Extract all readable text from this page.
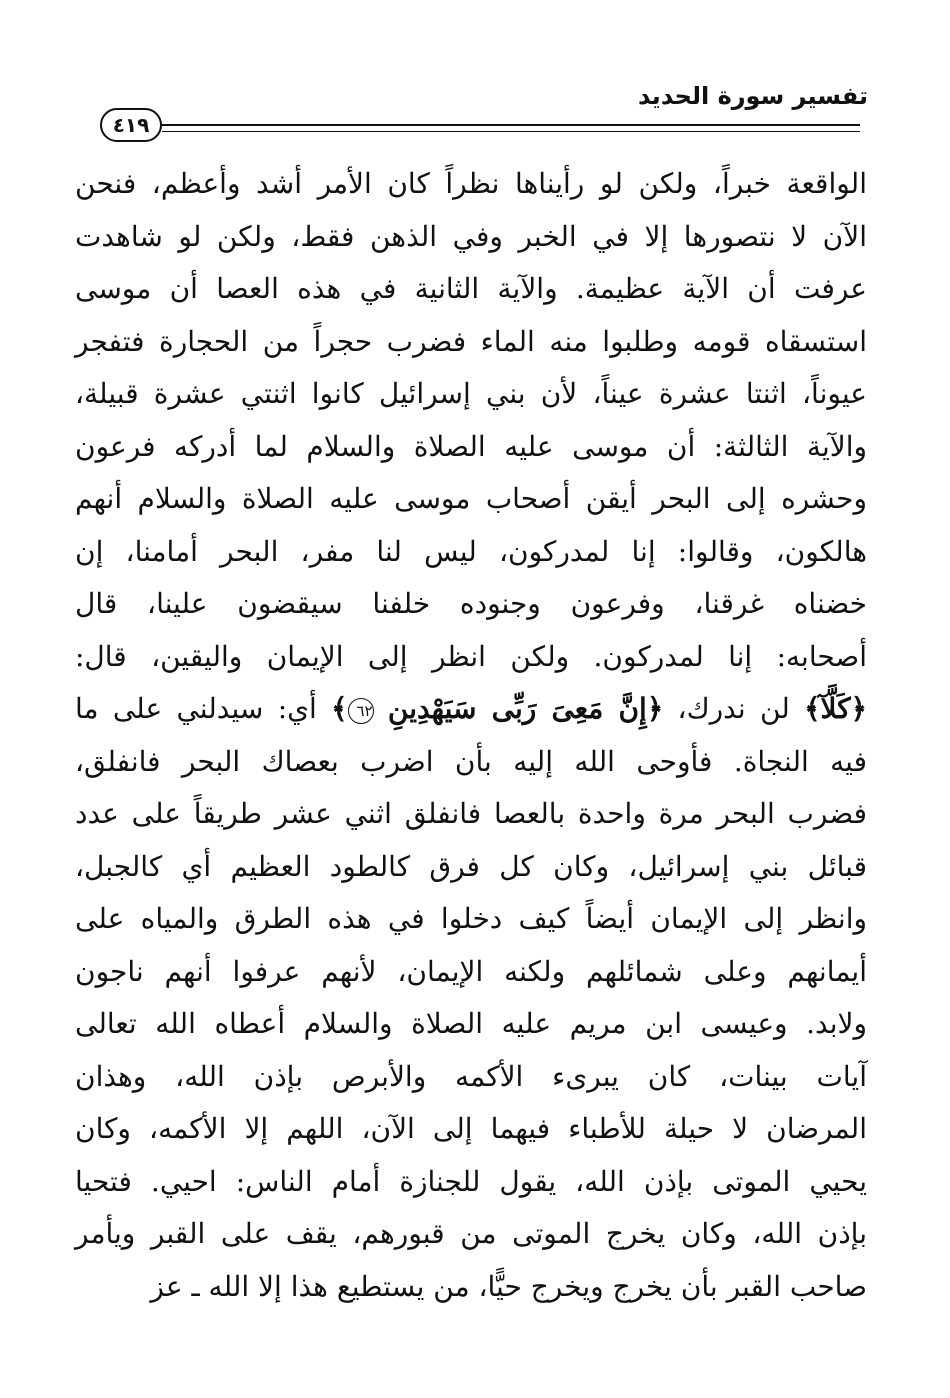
تفسير سورة الحديد
٤١٩
الواقعة خبراً، ولكن لو رأيناها نظراً كان الأمر أشد وأعظم، فنحن
الآن لا نتصورها إلا في الخبر وفي الذهن فقط، ولكن لو شاهدت
عرفت أن الآية عظيمة. والآية الثانية في هذه العصا أن موسى
استسقاه قومه وطلبوا منه الماء فضرب حجراً من الحجارة فتفجر
عيوناً، اثنتا عشرة عيناً، لأن بني إسرائيل كانوا اثنتي عشرة قبيلة،
والآية الثالثة: أن موسى عليه الصلاة والسلام لما أدركه فرعون
وحشره إلى البحر أيقن أصحاب موسى عليه الصلاة والسلام أنهم
هالكون، وقالوا: إنا لمدركون، ليس لنا مفر، البحر أمامنا، إن
خضناه غرقنا، وفرعون وجنوده خلفنا سيقضون علينا، قال
أصحابه: إنا لمدركون. ولكن انظر إلى الإيمان واليقين، قال:
﴿كَلَّآ﴾ لن ندرك، ﴿إِنَّ مَعِىَ رَبِّى سَيَهْدِينِ ٦٢﴾ أي: سيدلني على ما
فيه النجاة. فأوحى الله إليه بأن اضرب بعصاك البحر فانفلق،
فضرب البحر مرة واحدة بالعصا فانفلق اثني عشر طريقاً على عدد
قبائل بني إسرائيل، وكان كل فرق كالطود العظيم أي كالجبل،
وانظر إلى الإيمان أيضاً كيف دخلوا في هذه الطرق والمياه على
أيمانهم وعلى شمائلهم ولكنه الإيمان، لأنهم عرفوا أنهم ناجون
ولابد. وعيسى ابن مريم عليه الصلاة والسلام أعطاه الله تعالى
آيات بينات، كان يبرىء الأكمه والأبرص بإذن الله، وهذان
المرضان لا حيلة للأطباء فيهما إلى الآن، اللهم إلا الأكمه، وكان
يحيي الموتى بإذن الله، يقول للجنازة أمام الناس: احيي. فتحيا
بإذن الله، وكان يخرج الموتى من قبورهم، يقف على القبر ويأمر
صاحب القبر بأن يخرج ويخرج حيًّا، من يستطيع هذا إلا الله ـ عز
